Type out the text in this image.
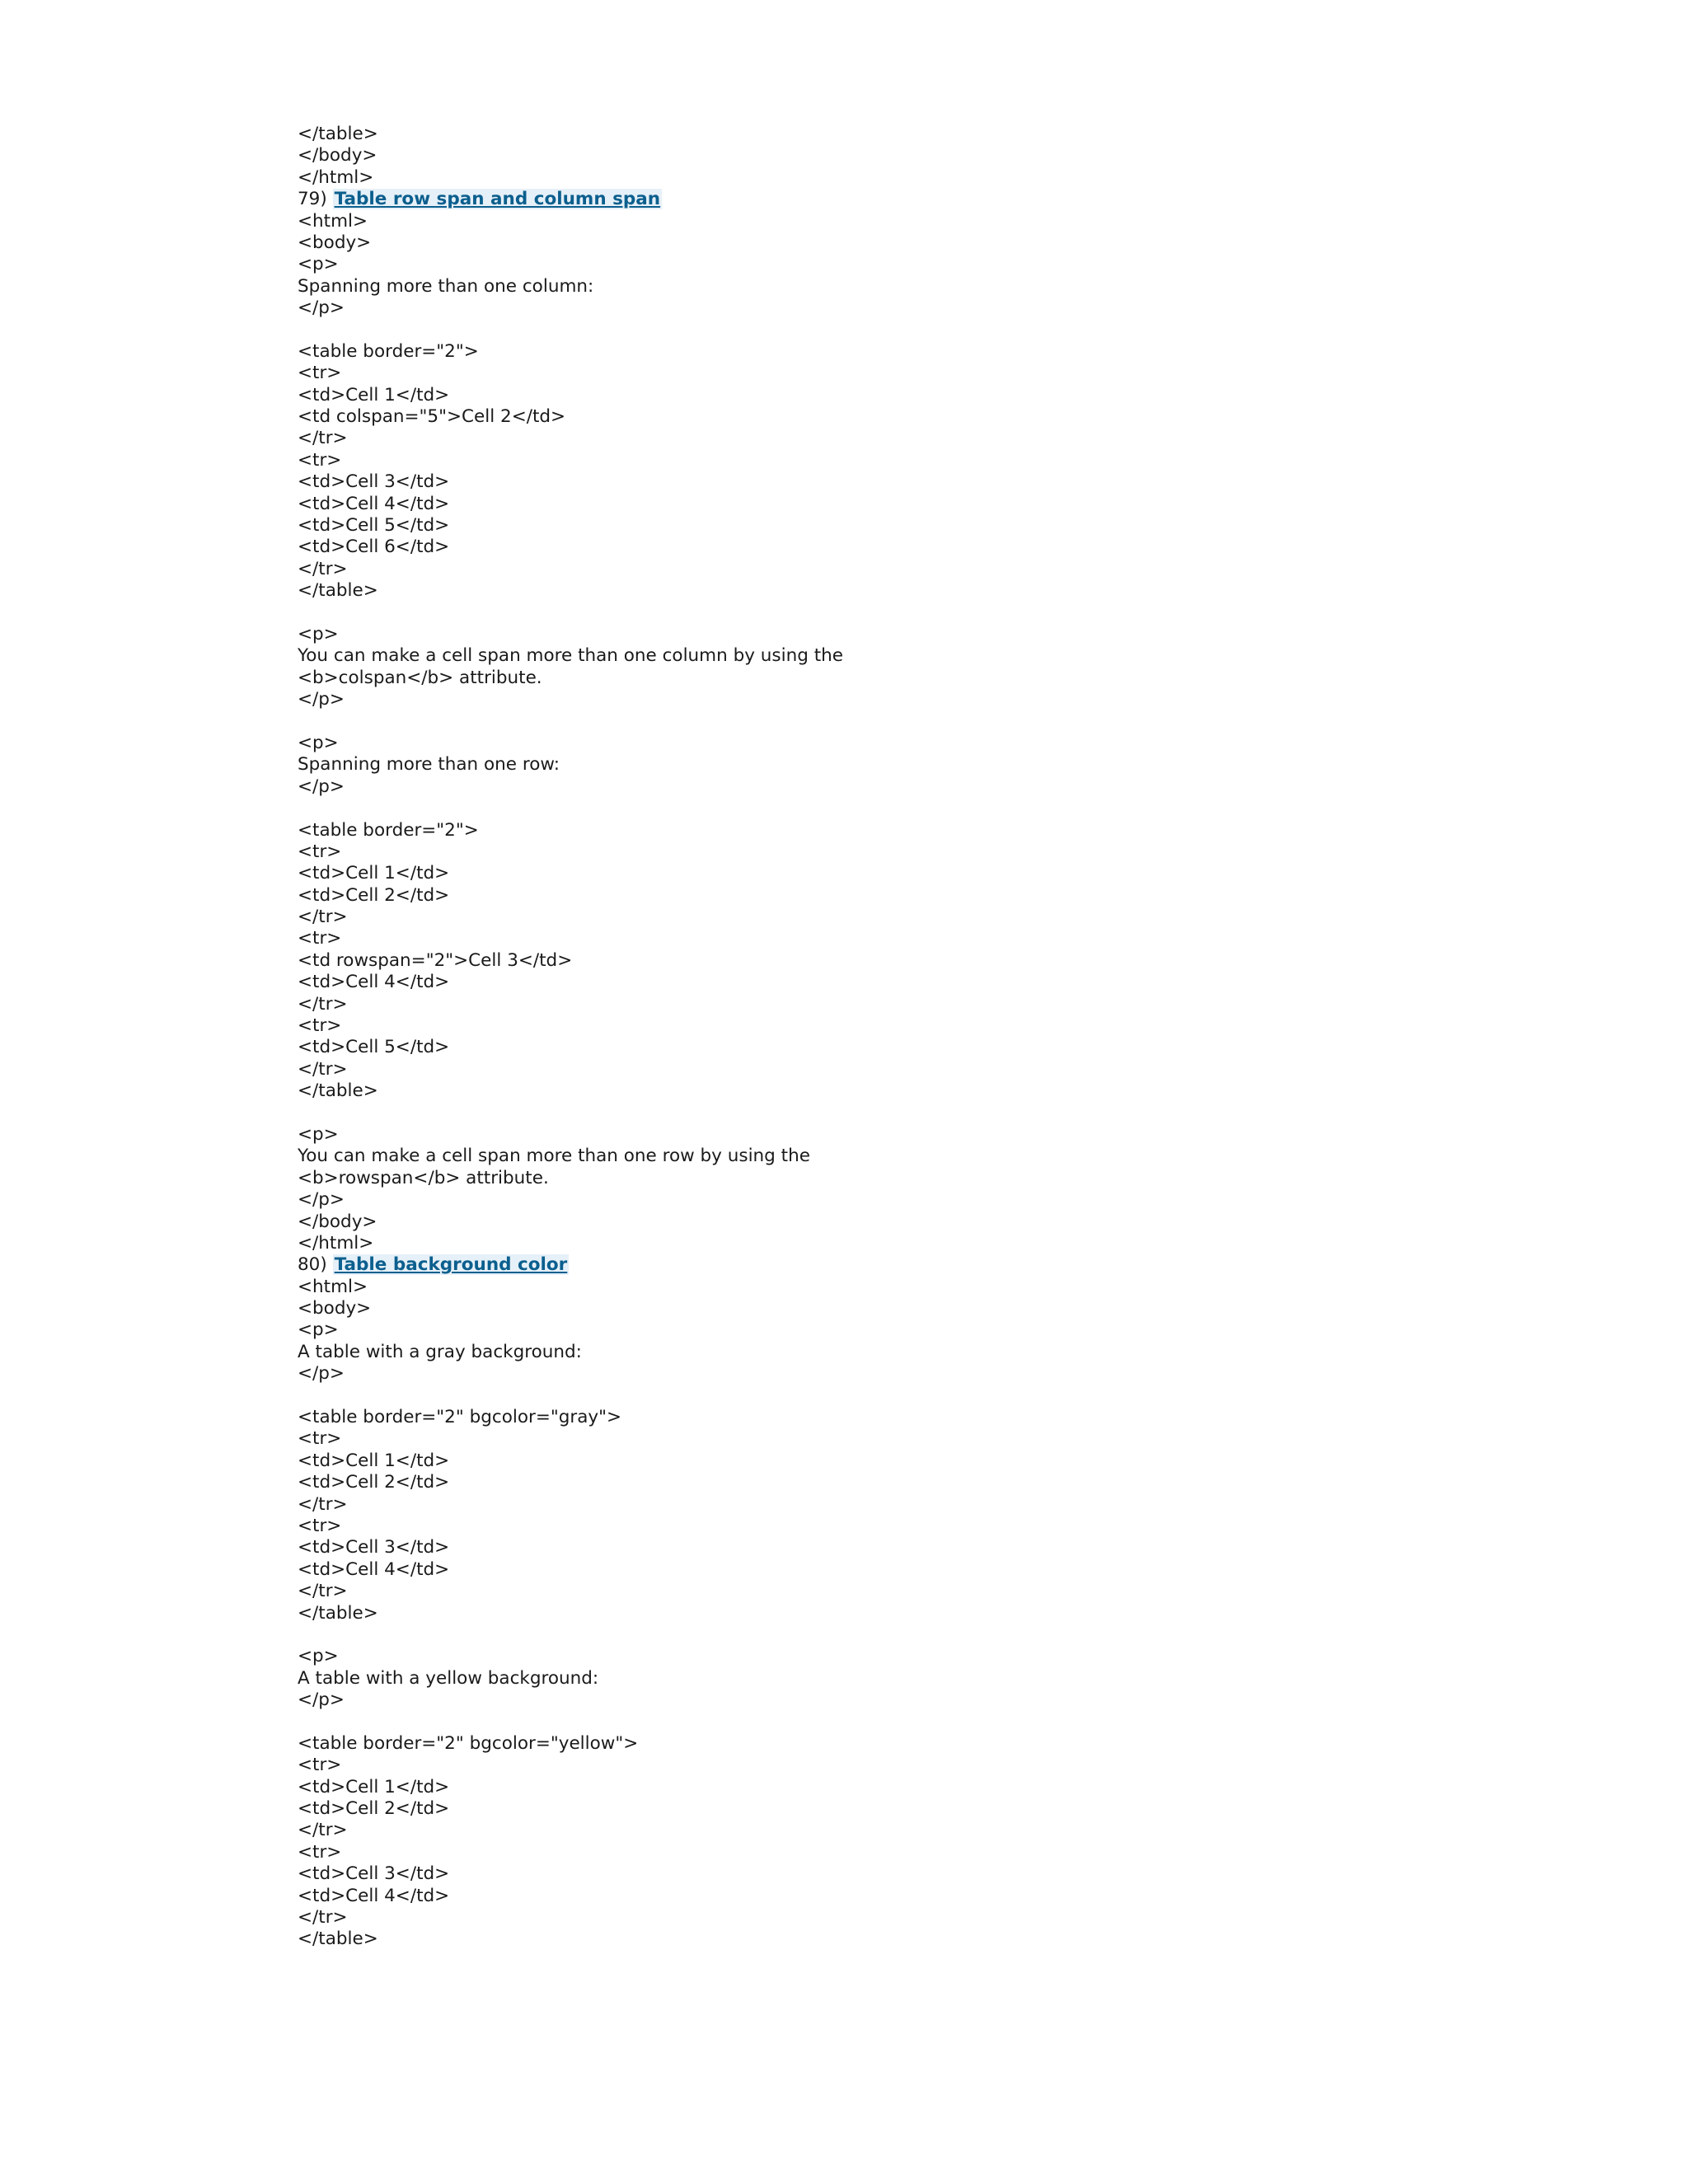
</table>
</body>
</html>
79) Table row span and column span
<html>
<body>
<p>
Spanning more than one column:
</p>
<table border="2">
<tr>
<td>Cell 1</td>
<td colspan="5">Cell 2</td>
</tr>
<tr>
<td>Cell 3</td>
<td>Cell 4</td>
<td>Cell 5</td>
<td>Cell 6</td>
</tr>
</table>
<p>
You can make a cell span more than one column by using the
<b>colspan</b> attribute.
</p>
<p>
Spanning more than one row:
</p>
<table border="2">
<tr>
<td>Cell 1</td>
<td>Cell 2</td>
</tr>
<tr>
<td rowspan="2">Cell 3</td>
<td>Cell 4</td>
</tr>
<tr>
<td>Cell 5</td>
</tr>
</table>
<p>
You can make a cell span more than one row by using the
<b>rowspan</b> attribute.
</p>
</body>
</html>
80) Table background color
<html>
<body>
<p>
A table with a gray background:
</p>
<table border="2" bgcolor="gray">
<tr>
<td>Cell 1</td>
<td>Cell 2</td>
</tr>
<tr>
<td>Cell 3</td>
<td>Cell 4</td>
</tr>
</table>
<p>
A table with a yellow background:
</p>
<table border="2" bgcolor="yellow">
<tr>
<td>Cell 1</td>
<td>Cell 2</td>
</tr>
<tr>
<td>Cell 3</td>
<td>Cell 4</td>
</tr>
</table>
